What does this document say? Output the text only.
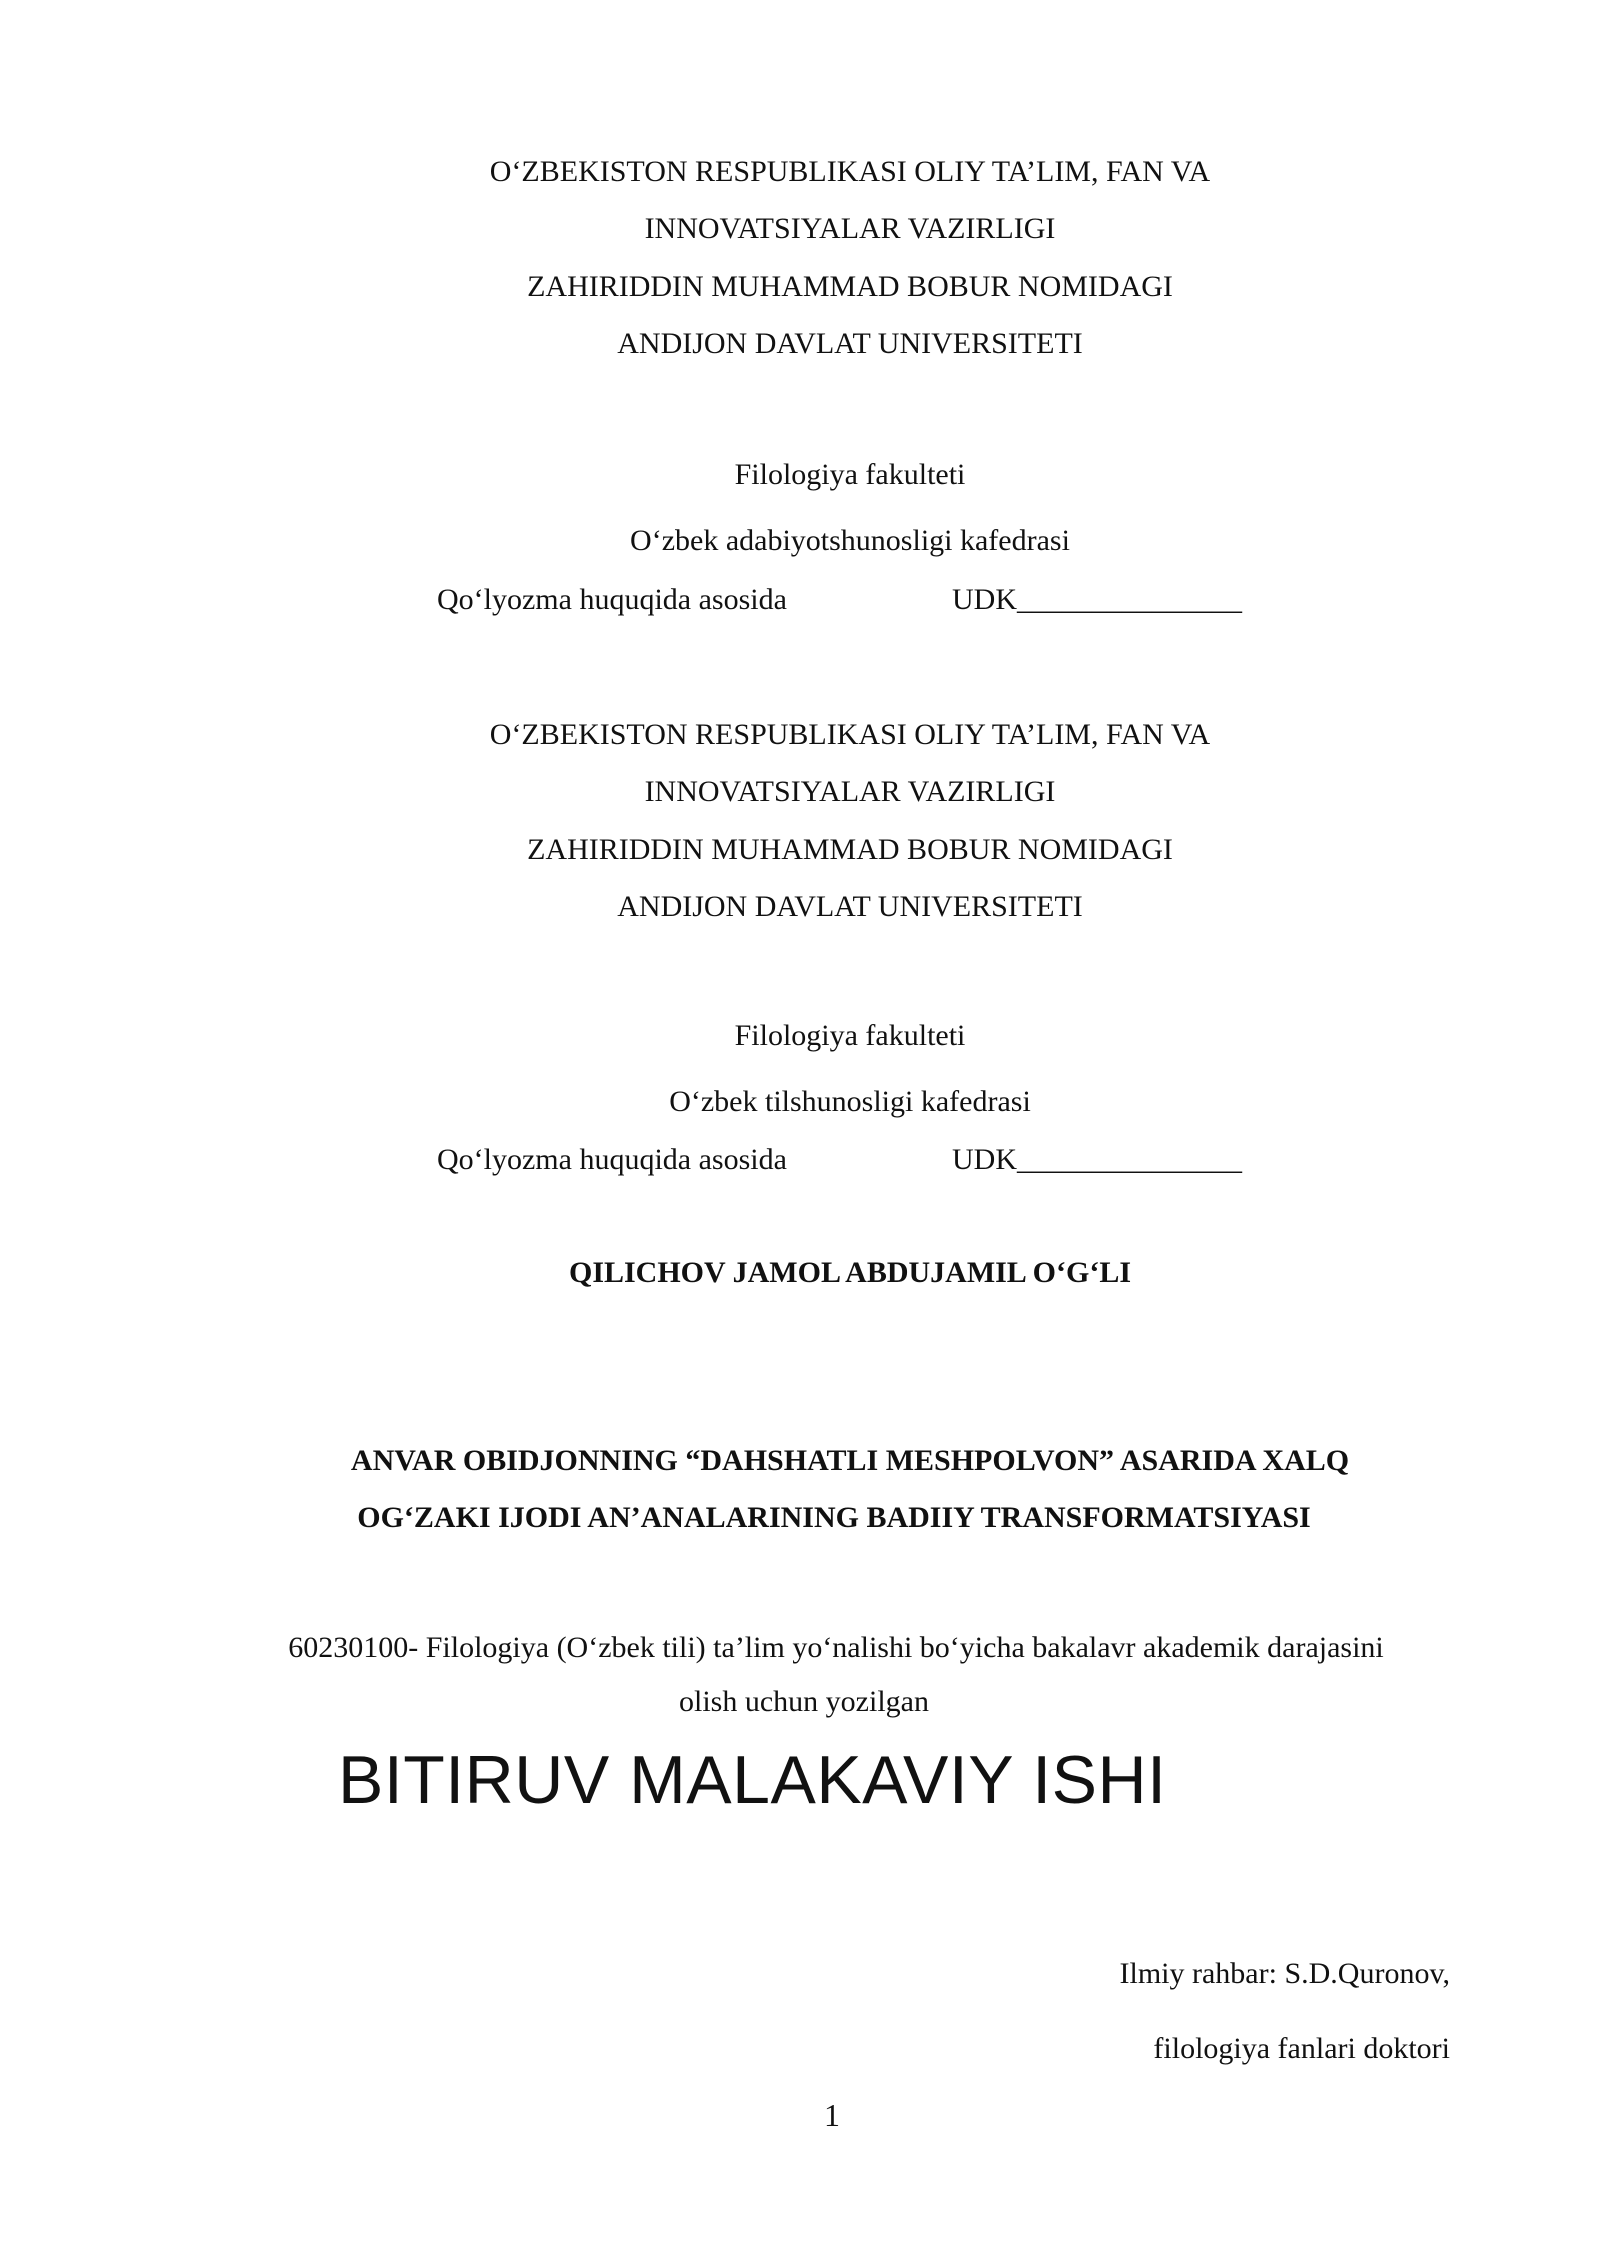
O‘ZBEKISTON RESPUBLIKASI OLIY TA’LIM, FAN VA
INNOVATSIYALAR VAZIRLIGI
ZAHIRIDDIN MUHAMMAD BOBUR NOMIDAGI
ANDIJON DAVLAT UNIVERSITETI
Filologiya fakulteti
O‘zbek adabiyotshunosligi kafedrasi
Qo‘lyozma huquqida asosida	UDK_______________
O‘ZBEKISTON RESPUBLIKASI OLIY TA’LIM, FAN VA
INNOVATSIYALAR VAZIRLIGI
ZAHIRIDDIN MUHAMMAD BOBUR NOMIDAGI
ANDIJON DAVLAT UNIVERSITETI
Filologiya fakulteti
O‘zbek tilshunosligi kafedrasi
Qo‘lyozma huquqida asosida	UDK_______________
QILICHOV JAMOL ABDUJAMIL O‘G‘LI
ANVAR OBIDJONNING “DAHSHATLI MESHPOLVON” ASARIDA XALQ
OG‘ZAKI IJODI AN’ANALARINING BADIIY TRANSFORMATSIYASI
60230100- Filologiya (O‘zbek tili) ta’lim yo‘nalishi bo‘yicha bakalavr akademik darajasini
olish uchun yozilgan
BITIRUV MALAKAVIY ISHI
Ilmiy rahbar: S.D.Quronov,
filologiya fanlari doktori
1
